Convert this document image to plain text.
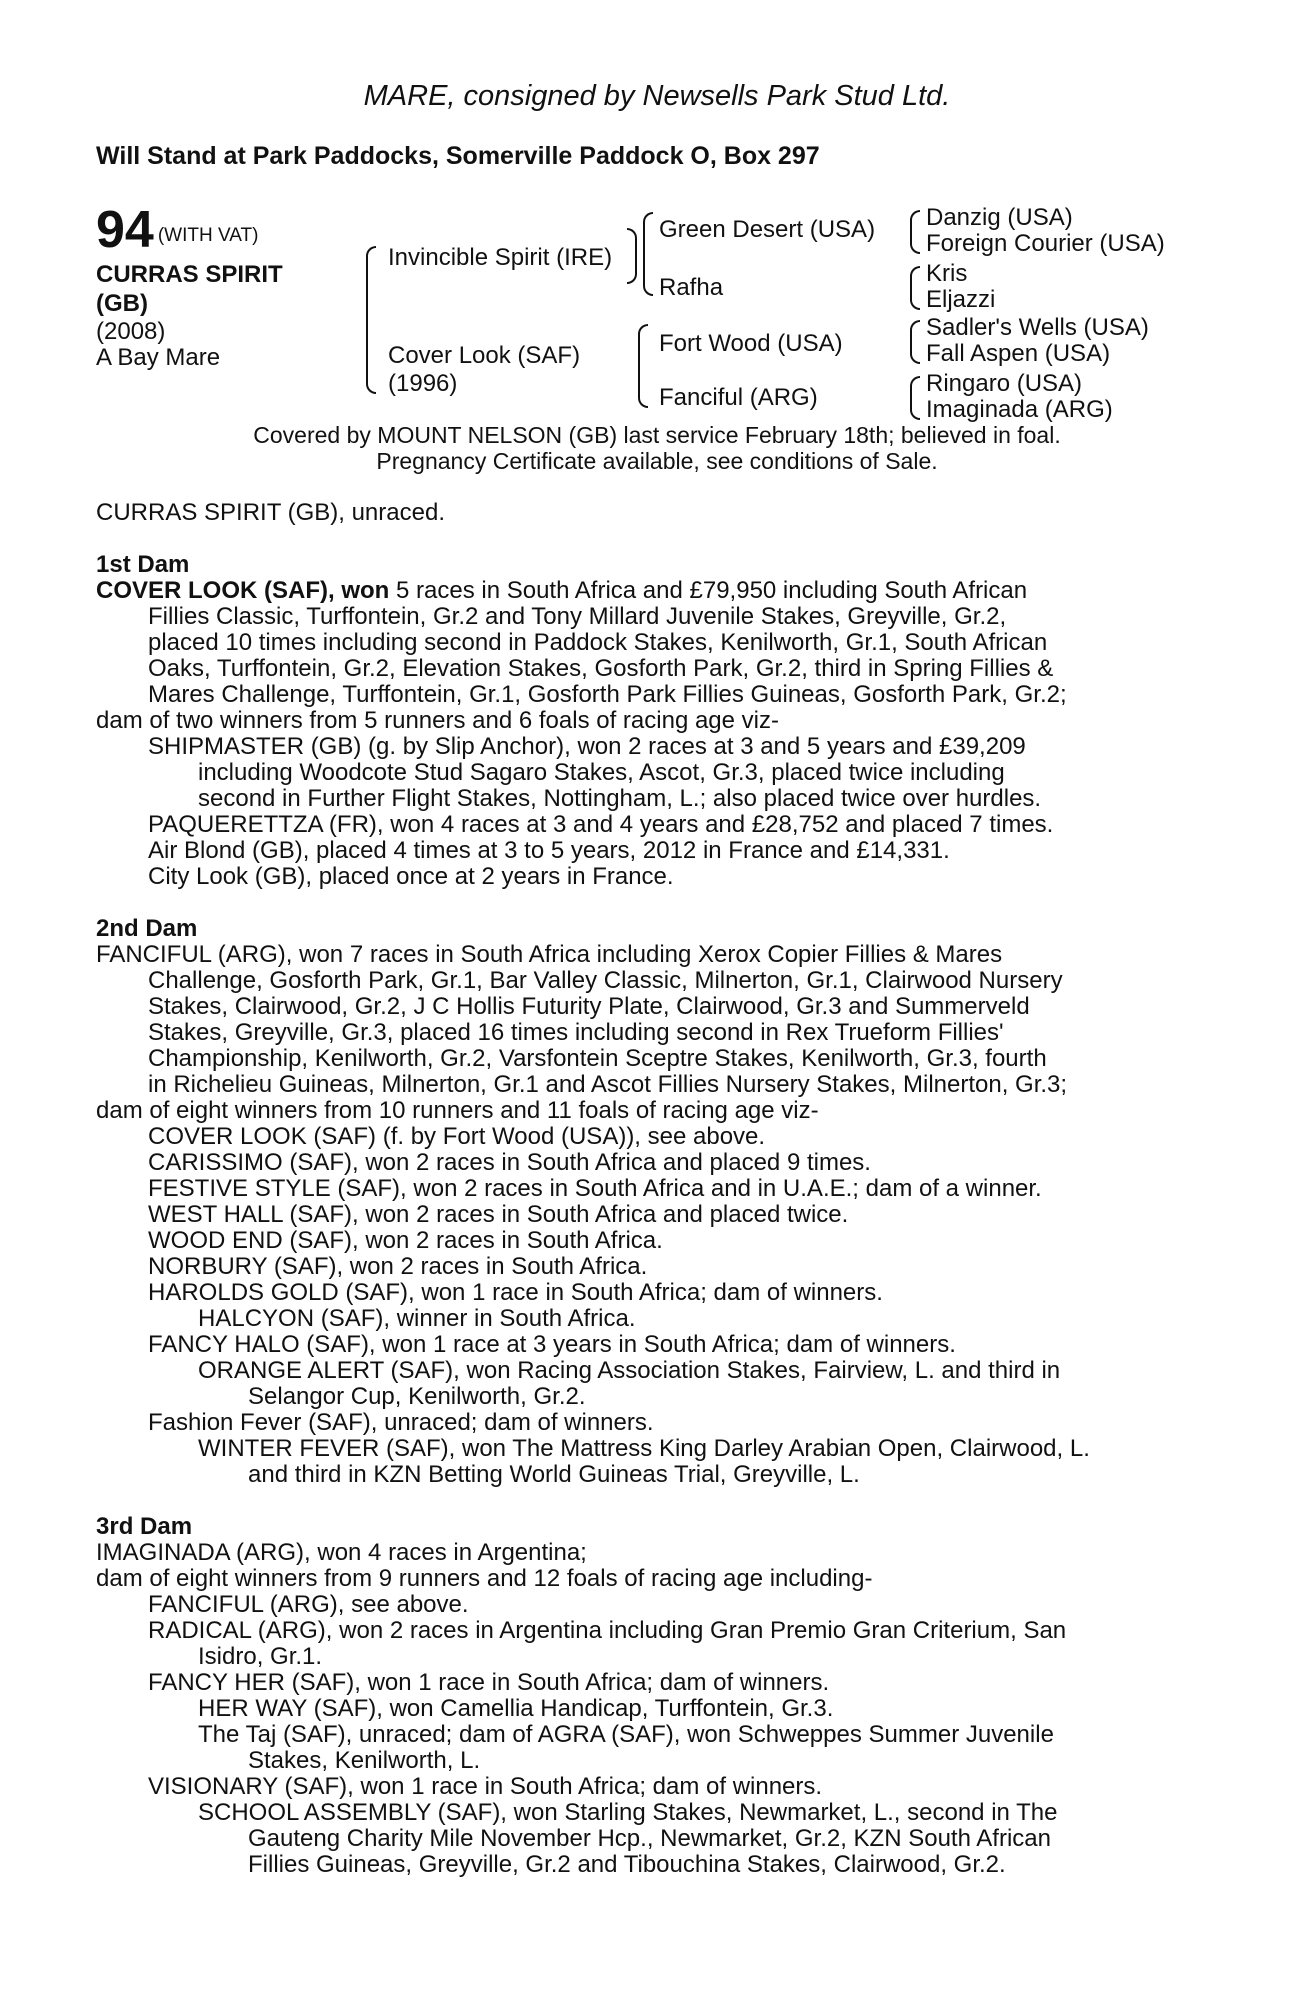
MARE, consigned by Newsells Park Stud Ltd.
Will Stand at Park Paddocks, Somerville Paddock O, Box 297
94 (WITH VAT)
CURRAS SPIRIT
(GB)
(2008)
A Bay Mare
Invincible Spirit (IRE)
Cover Look (SAF)
(1996)
Green Desert (USA)
Rafha
Fort Wood (USA)
Fanciful (ARG)
Danzig (USA)
Foreign Courier (USA)
Kris
Eljazzi
Sadler's Wells (USA)
Fall Aspen (USA)
Ringaro (USA)
Imaginada (ARG)
Covered by MOUNT NELSON (GB) last service February 18th; believed in foal.
Pregnancy Certificate available, see conditions of Sale.
CURRAS SPIRIT (GB), unraced.
1st Dam
COVER LOOK (SAF), won 5 races in South Africa and £79,950 including South African
Fillies Classic, Turffontein, Gr.2 and Tony Millard Juvenile Stakes, Greyville, Gr.2,
placed 10 times including second in Paddock Stakes, Kenilworth, Gr.1, South African
Oaks, Turffontein, Gr.2, Elevation Stakes, Gosforth Park, Gr.2, third in Spring Fillies &
Mares Challenge, Turffontein, Gr.1, Gosforth Park Fillies Guineas, Gosforth Park, Gr.2;
dam of two winners from 5 runners and 6 foals of racing age viz-
SHIPMASTER (GB) (g. by Slip Anchor), won 2 races at 3 and 5 years and £39,209
including Woodcote Stud Sagaro Stakes, Ascot, Gr.3, placed twice including
second in Further Flight Stakes, Nottingham, L.; also placed twice over hurdles.
PAQUERETTZA (FR), won 4 races at 3 and 4 years and £28,752 and placed 7 times.
Air Blond (GB), placed 4 times at 3 to 5 years, 2012 in France and £14,331.
City Look (GB), placed once at 2 years in France.
2nd Dam
FANCIFUL (ARG), won 7 races in South Africa including Xerox Copier Fillies & Mares
Challenge, Gosforth Park, Gr.1, Bar Valley Classic, Milnerton, Gr.1, Clairwood Nursery
Stakes, Clairwood, Gr.2, J C Hollis Futurity Plate, Clairwood, Gr.3 and Summerveld
Stakes, Greyville, Gr.3, placed 16 times including second in Rex Trueform Fillies'
Championship, Kenilworth, Gr.2, Varsfontein Sceptre Stakes, Kenilworth, Gr.3, fourth
in Richelieu Guineas, Milnerton, Gr.1 and Ascot Fillies Nursery Stakes, Milnerton, Gr.3;
dam of eight winners from 10 runners and 11 foals of racing age viz-
COVER LOOK (SAF) (f. by Fort Wood (USA)), see above.
CARISSIMO (SAF), won 2 races in South Africa and placed 9 times.
FESTIVE STYLE (SAF), won 2 races in South Africa and in U.A.E.; dam of a winner.
WEST HALL (SAF), won 2 races in South Africa and placed twice.
WOOD END (SAF), won 2 races in South Africa.
NORBURY (SAF), won 2 races in South Africa.
HAROLDS GOLD (SAF), won 1 race in South Africa; dam of winners.
HALCYON (SAF), winner in South Africa.
FANCY HALO (SAF), won 1 race at 3 years in South Africa; dam of winners.
ORANGE ALERT (SAF), won Racing Association Stakes, Fairview, L. and third in
Selangor Cup, Kenilworth, Gr.2.
Fashion Fever (SAF), unraced; dam of winners.
WINTER FEVER (SAF), won The Mattress King Darley Arabian Open, Clairwood, L.
and third in KZN Betting World Guineas Trial, Greyville, L.
3rd Dam
IMAGINADA (ARG), won 4 races in Argentina;
dam of eight winners from 9 runners and 12 foals of racing age including-
FANCIFUL (ARG), see above.
RADICAL (ARG), won 2 races in Argentina including Gran Premio Gran Criterium, San
Isidro, Gr.1.
FANCY HER (SAF), won 1 race in South Africa; dam of winners.
HER WAY (SAF), won Camellia Handicap, Turffontein, Gr.3.
The Taj (SAF), unraced; dam of AGRA (SAF), won Schweppes Summer Juvenile
Stakes, Kenilworth, L.
VISIONARY (SAF), won 1 race in South Africa; dam of winners.
SCHOOL ASSEMBLY (SAF), won Starling Stakes, Newmarket, L., second in The
Gauteng Charity Mile November Hcp., Newmarket, Gr.2, KZN South African
Fillies Guineas, Greyville, Gr.2 and Tibouchina Stakes, Clairwood, Gr.2.
